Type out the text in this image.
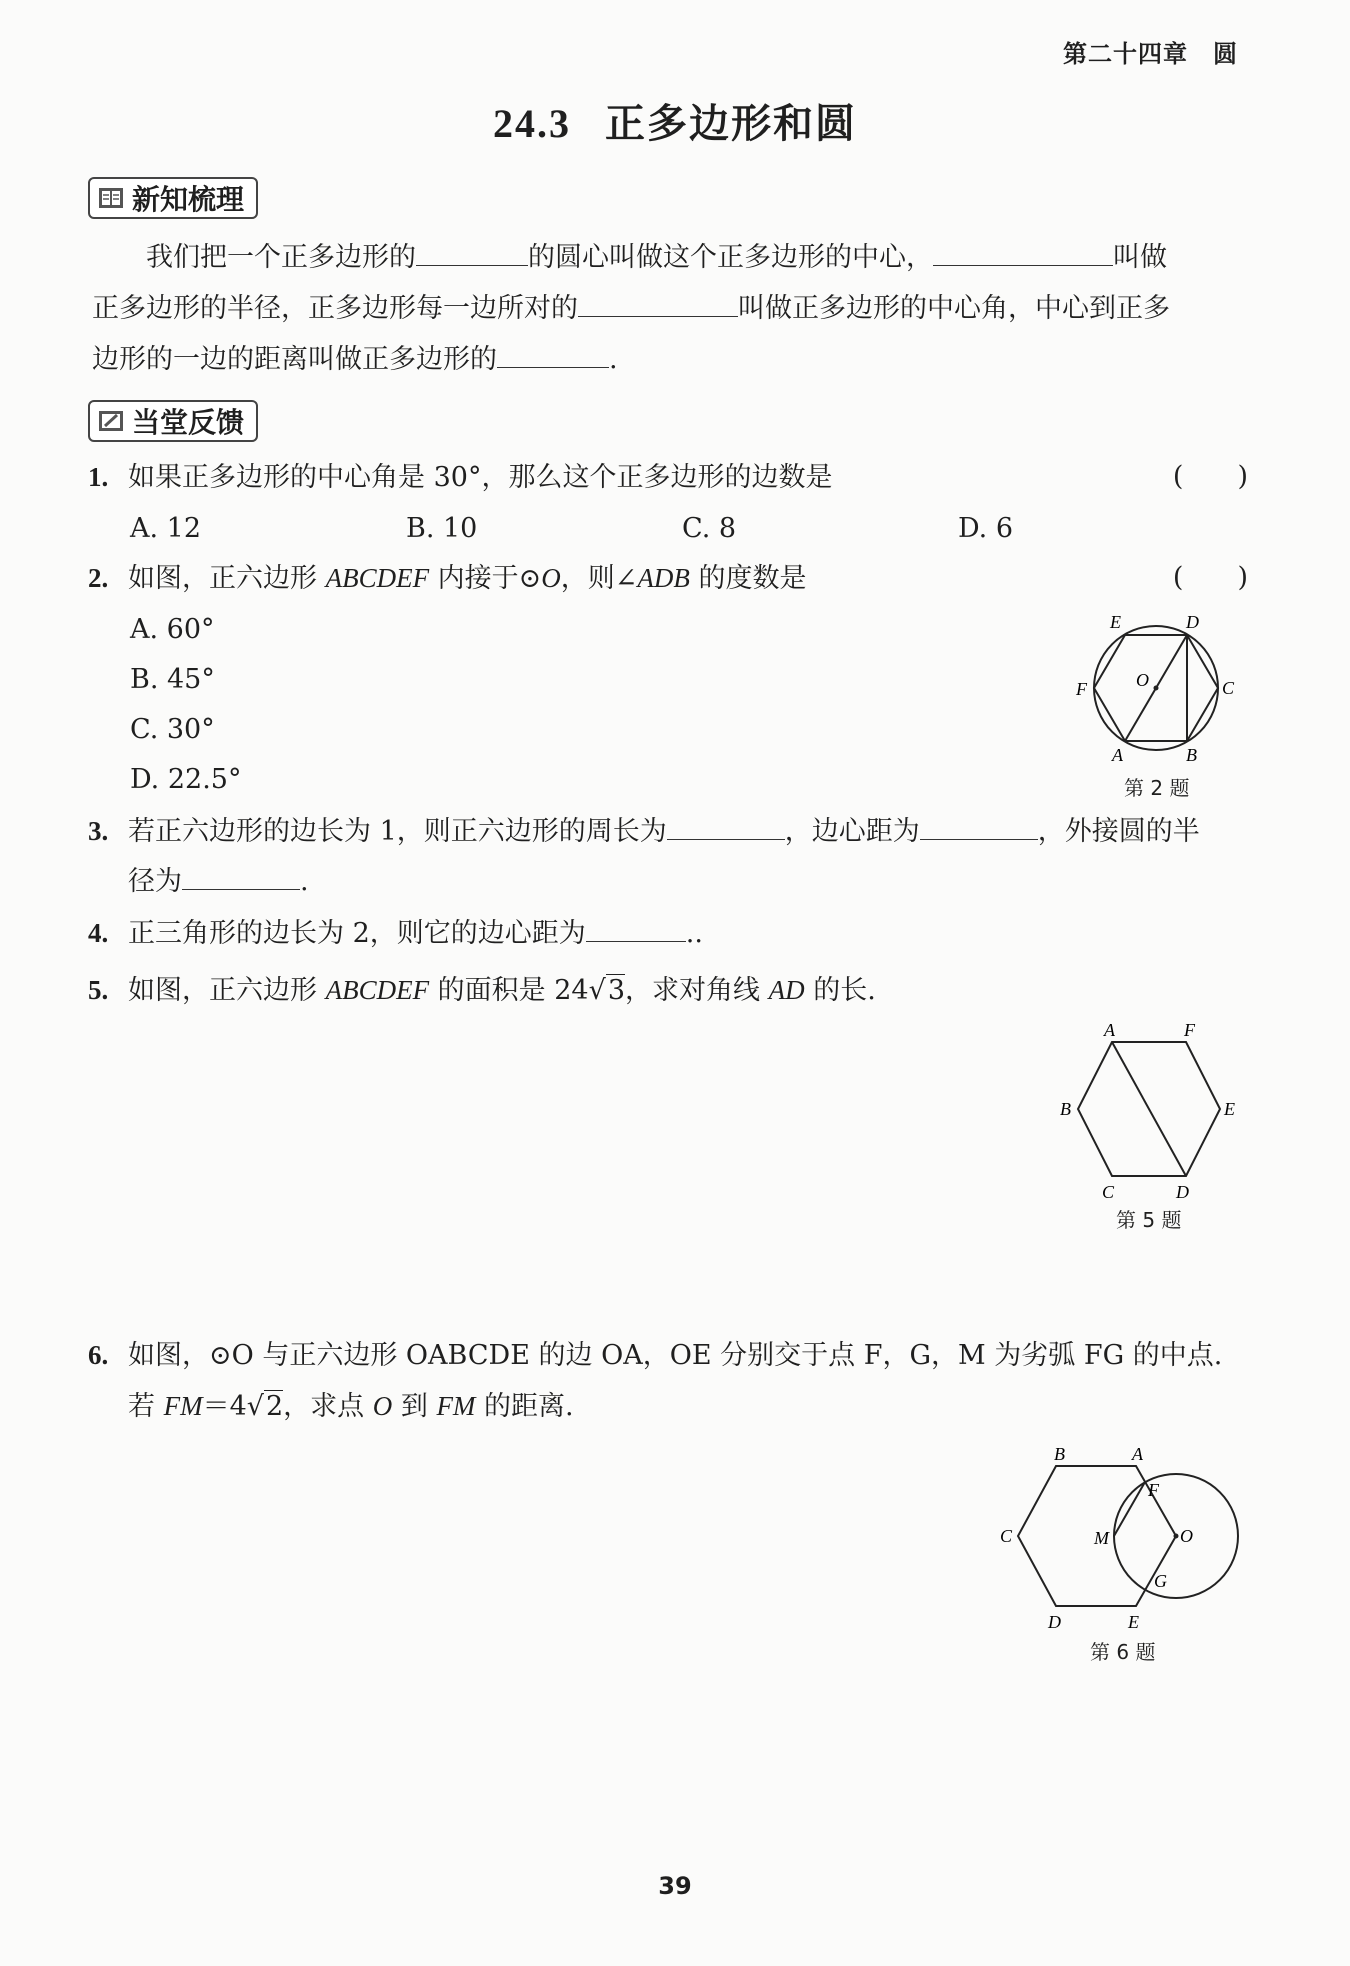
第二十四章　圆
24.3 正多边形和圆
新知梳理
我们把一个正多边形的	的圆心叫做这个正多边形的中心，	叫做
正多边形的半径，正多边形每一边所对的	叫做正多边形的中心角，中心到正多
边形的一边的距离叫做正多边形的	.
当堂反馈
1. 如果正多边形的中心角是 30°，那么这个正多边形的边数是	(　　)
A. 12	B. 10	C. 8	D. 6
2. 如图，正六边形 ABCDEF 内接于⊙O，则∠ADB 的度数是	(　　)
A. 60°
B. 45°
C. 30°
D. 22.5°
E	D
F	O	C
A	B
第 2 题
3. 若正六边形的边长为 1，则正六边形的周长为	，边心距为	，外接圆的半
径为	.
4. 正三角形的边长为 2，则它的边心距为	..
5. 如图，正六边形 ABCDEF 的面积是 24√3，求对角线 AD 的长.
A	F
B	E
C	D
第 5 题
6. 如图，⊙O 与正六边形 OABCDE 的边 OA，OE 分别交于点 F，G，M 为劣弧 FG 的中点.
若 FM＝4√2，求点 O 到 FM 的距离.
B	A
F
C	M	O
G
D	E
第 6 题
39
